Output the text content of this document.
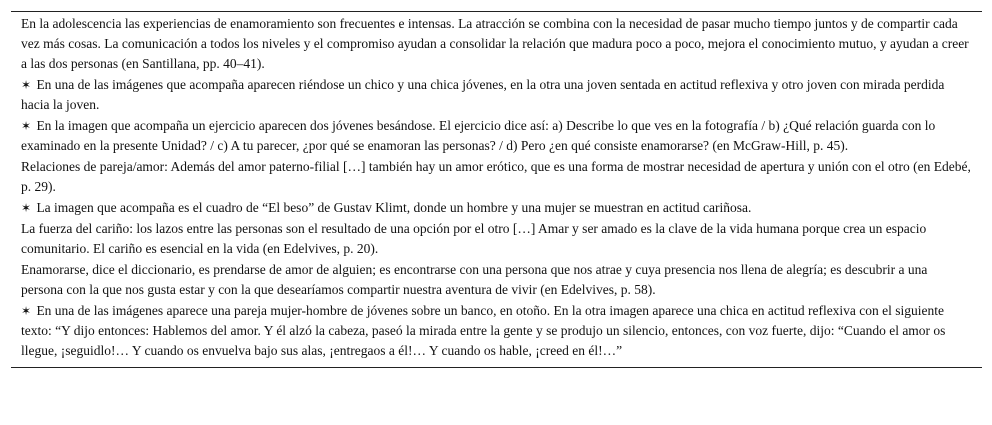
En la adolescencia las experiencias de enamoramiento son frecuentes e intensas. La atracción se combina con la necesidad de pasar mucho tiempo juntos y de compartir cada vez más cosas. La comunicación a todos los niveles y el compromiso ayudan a consolidar la relación que madura poco a poco, mejora el conocimiento mutuo, y ayudan a creer a las dos personas (en Santillana, pp. 40–41).

✶ En una de las imágenes que acompaña aparecen riéndose un chico y una chica jóvenes, en la otra una joven sentada en actitud reflexiva y otro joven con mirada perdida hacia la joven.

✶ En la imagen que acompaña un ejercicio aparecen dos jóvenes besándose. El ejercicio dice así: a) Describe lo que ves en la fotografía / b) ¿Qué relación guarda con lo examinado en la presente Unidad? / c) A tu parecer, ¿por qué se enamoran las personas? / d) Pero ¿en qué consiste enamorarse? (en McGraw-Hill, p. 45).

Relaciones de pareja/amor: Además del amor paterno-filial […] también hay un amor erótico, que es una forma de mostrar necesidad de apertura y unión con el otro (en Edebé, p. 29).

✶ La imagen que acompaña es el cuadro de “El beso” de Gustav Klimt, donde un hombre y una mujer se muestran en actitud cariñosa.

La fuerza del cariño: los lazos entre las personas son el resultado de una opción por el otro […] Amar y ser amado es la clave de la vida humana porque crea un espacio comunitario. El cariño es esencial en la vida (en Edelvives, p. 20).

Enamorarse, dice el diccionario, es prendarse de amor de alguien; es encontrarse con una persona que nos atrae y cuya presencia nos llena de alegría; es descubrir a una persona con la que nos gusta estar y con la que desearíamos compartir nuestra aventura de vivir (en Edelvives, p. 58).

✶ En una de las imágenes aparece una pareja mujer-hombre de jóvenes sobre un banco, en otoño. En la otra imagen aparece una chica en actitud reflexiva con el siguiente texto: “Y dijo entonces: Hablemos del amor. Y él alzó la cabeza, paseó la mirada entre la gente y se produjo un silencio, entonces, con voz fuerte, dijo: “Cuando el amor os llegue, ¡seguidlo!… Y cuando os envuelva bajo sus alas, ¡entregaos a él!… Y cuando os hable, ¡creed en él!…”
